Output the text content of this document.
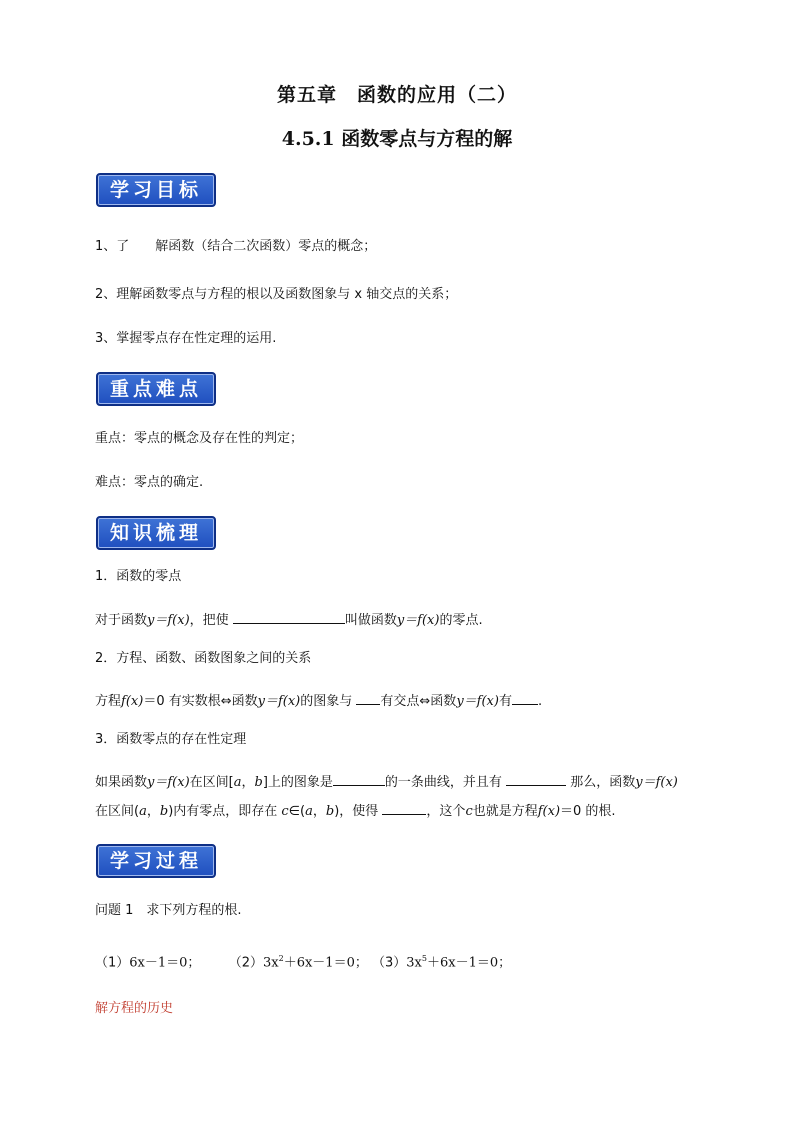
第五章　函数的应用（二）
4.5.1 函数零点与方程的解
学习目标
1、了　　解函数（结合二次函数）零点的概念；
2、理解函数零点与方程的根以及函数图象与 x 轴交点的关系；
3、掌握零点存在性定理的运用.
重点难点
重点：零点的概念及存在性的判定；
难点：零点的确定.
知识梳理
1．函数的零点
对于函数y＝f(x)，把使	叫做函数y＝f(x)的零点.
2．方程、函数、函数图象之间的关系
方程f(x)＝0 有实数根⇔函数y＝f(x)的图象与 有交点⇔函数y＝f(x)有 .
3．函数零点的存在性定理
如果函数y＝f(x)在区间[a，b]上的图象是	的一条曲线，并且有	那么，函数y＝f(x)
在区间(a，b)内有零点，即存在 c∈(a，b)，使得	，这个c也就是方程f(x)＝0 的根.
学习过程
问题 1　求下列方程的根.
（1）6x－1＝0； $(2)3x^2+6x-1=0$； $(3)3x^5+6x-1=0$；
解方程的历史
